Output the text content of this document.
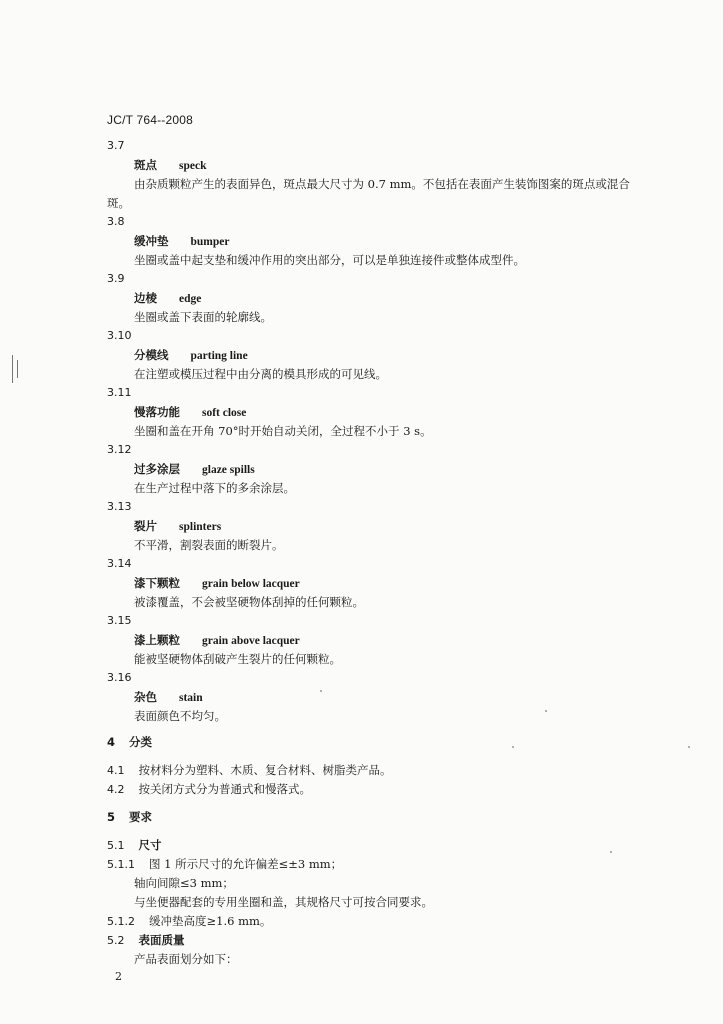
JC/T 764--2008
3.7
斑点 speck
由杂质颗粒产生的表面异色，斑点最大尺寸为 0.7 mm。不包括在表面产生装饰图案的斑点或混合
斑。
3.8
缓冲垫 bumper
坐圈或盖中起支垫和缓冲作用的突出部分，可以是单独连接件或整体成型件。
3.9
边棱 edge
坐圈或盖下表面的轮廓线。
3.10
分模线 parting line
在注塑或模压过程中由分离的模具形成的可见线。
3.11
慢落功能 soft close
坐圈和盖在开角 70°时开始自动关闭，全过程不小于 3 s。
3.12
过多涂层 glaze spills
在生产过程中落下的多余涂层。
3.13
裂片 splinters
不平滑，割裂表面的断裂片。
3.14
漆下颗粒 grain below lacquer
被漆覆盖，不会被坚硬物体刮掉的任何颗粒。
3.15
漆上颗粒 grain above lacquer
能被坚硬物体刮破产生裂片的任何颗粒。
3.16
杂色 stain
表面颜色不均匀。
4 分类
4.1 按材料分为塑料、木质、复合材料、树脂类产品。
4.2 按关闭方式分为普通式和慢落式。
5 要求
5.1 尺寸
5.1.1 图 1 所示尺寸的允许偏差≤±3 mm；
轴向间隙≤3 mm；
与坐便器配套的专用坐圈和盖，其规格尺寸可按合同要求。
5.1.2 缓冲垫高度≥1.6 mm。
5.2 表面质量
产品表面划分如下：
2
